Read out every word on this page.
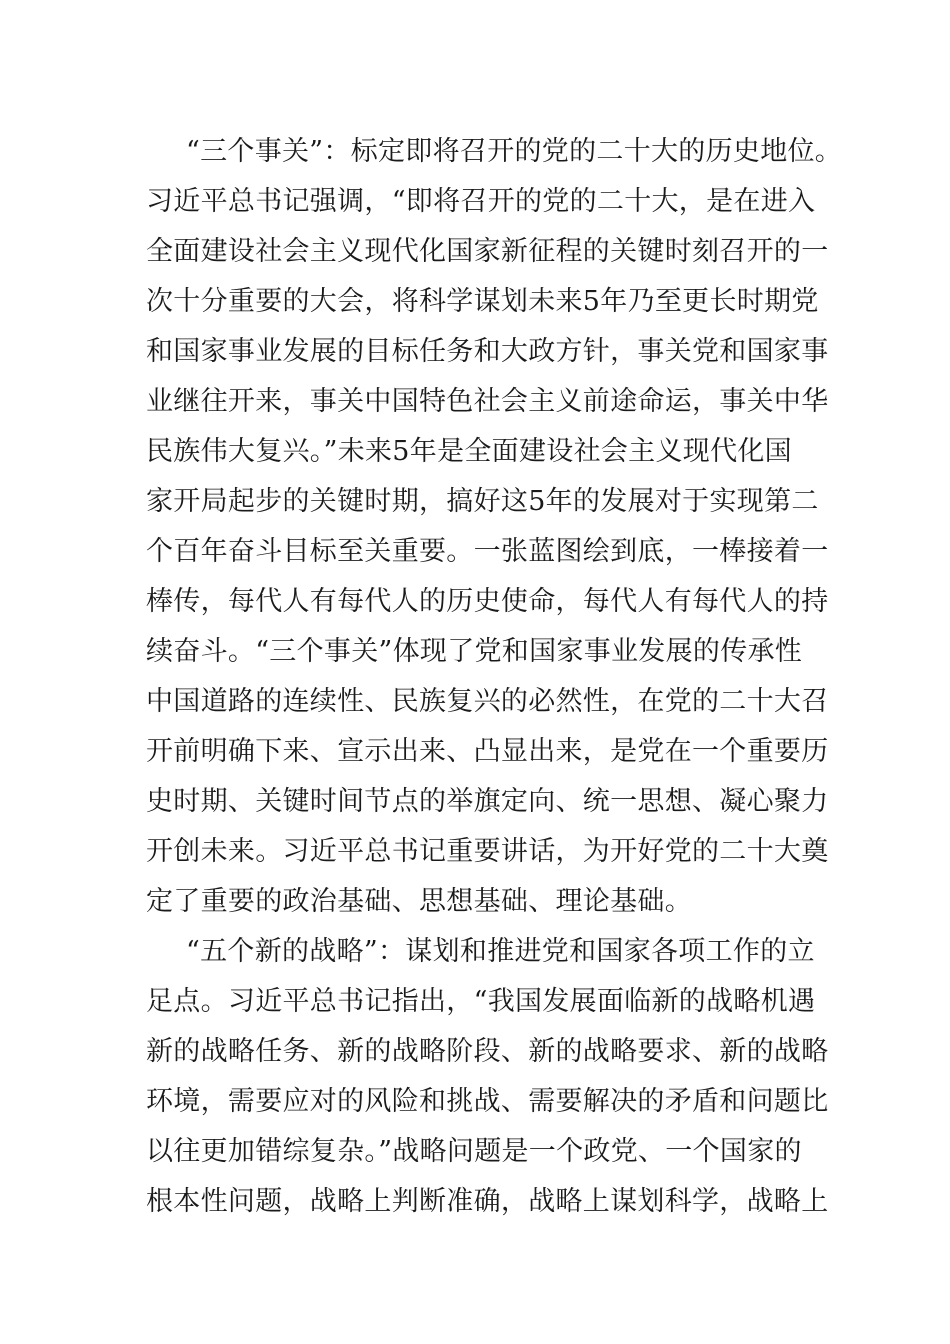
“三个事关”：标定即将召开的党的二十大的历史地位。
习近平总书记强调，“即将召开的党的二十大，是在进入
全面建设社会主义现代化国家新征程的关键时刻召开的一
次十分重要的大会，将科学谋划未来5年乃至更长时期党
和国家事业发展的目标任务和大政方针，事关党和国家事
业继往开来，事关中国特色社会主义前途命运，事关中华
民族伟大复兴。”未来5年是全面建设社会主义现代化国
家开局起步的关键时期，搞好这5年的发展对于实现第二
个百年奋斗目标至关重要。一张蓝图绘到底，一棒接着一
棒传，每代人有每代人的历史使命，每代人有每代人的持
续奋斗。“三个事关”体现了党和国家事业发展的传承性
中国道路的连续性、民族复兴的必然性，在党的二十大召
开前明确下来、宣示出来、凸显出来，是党在一个重要历
史时期、关键时间节点的举旗定向、统一思想、凝心聚力
开创未来。习近平总书记重要讲话，为开好党的二十大奠
定了重要的政治基础、思想基础、理论基础。
“五个新的战略”：谋划和推进党和国家各项工作的立
足点。习近平总书记指出，“我国发展面临新的战略机遇
新的战略任务、新的战略阶段、新的战略要求、新的战略
环境，需要应对的风险和挑战、需要解决的矛盾和问题比
以往更加错综复杂。”战略问题是一个政党、一个国家的
根本性问题，战略上判断准确，战略上谋划科学，战略上
